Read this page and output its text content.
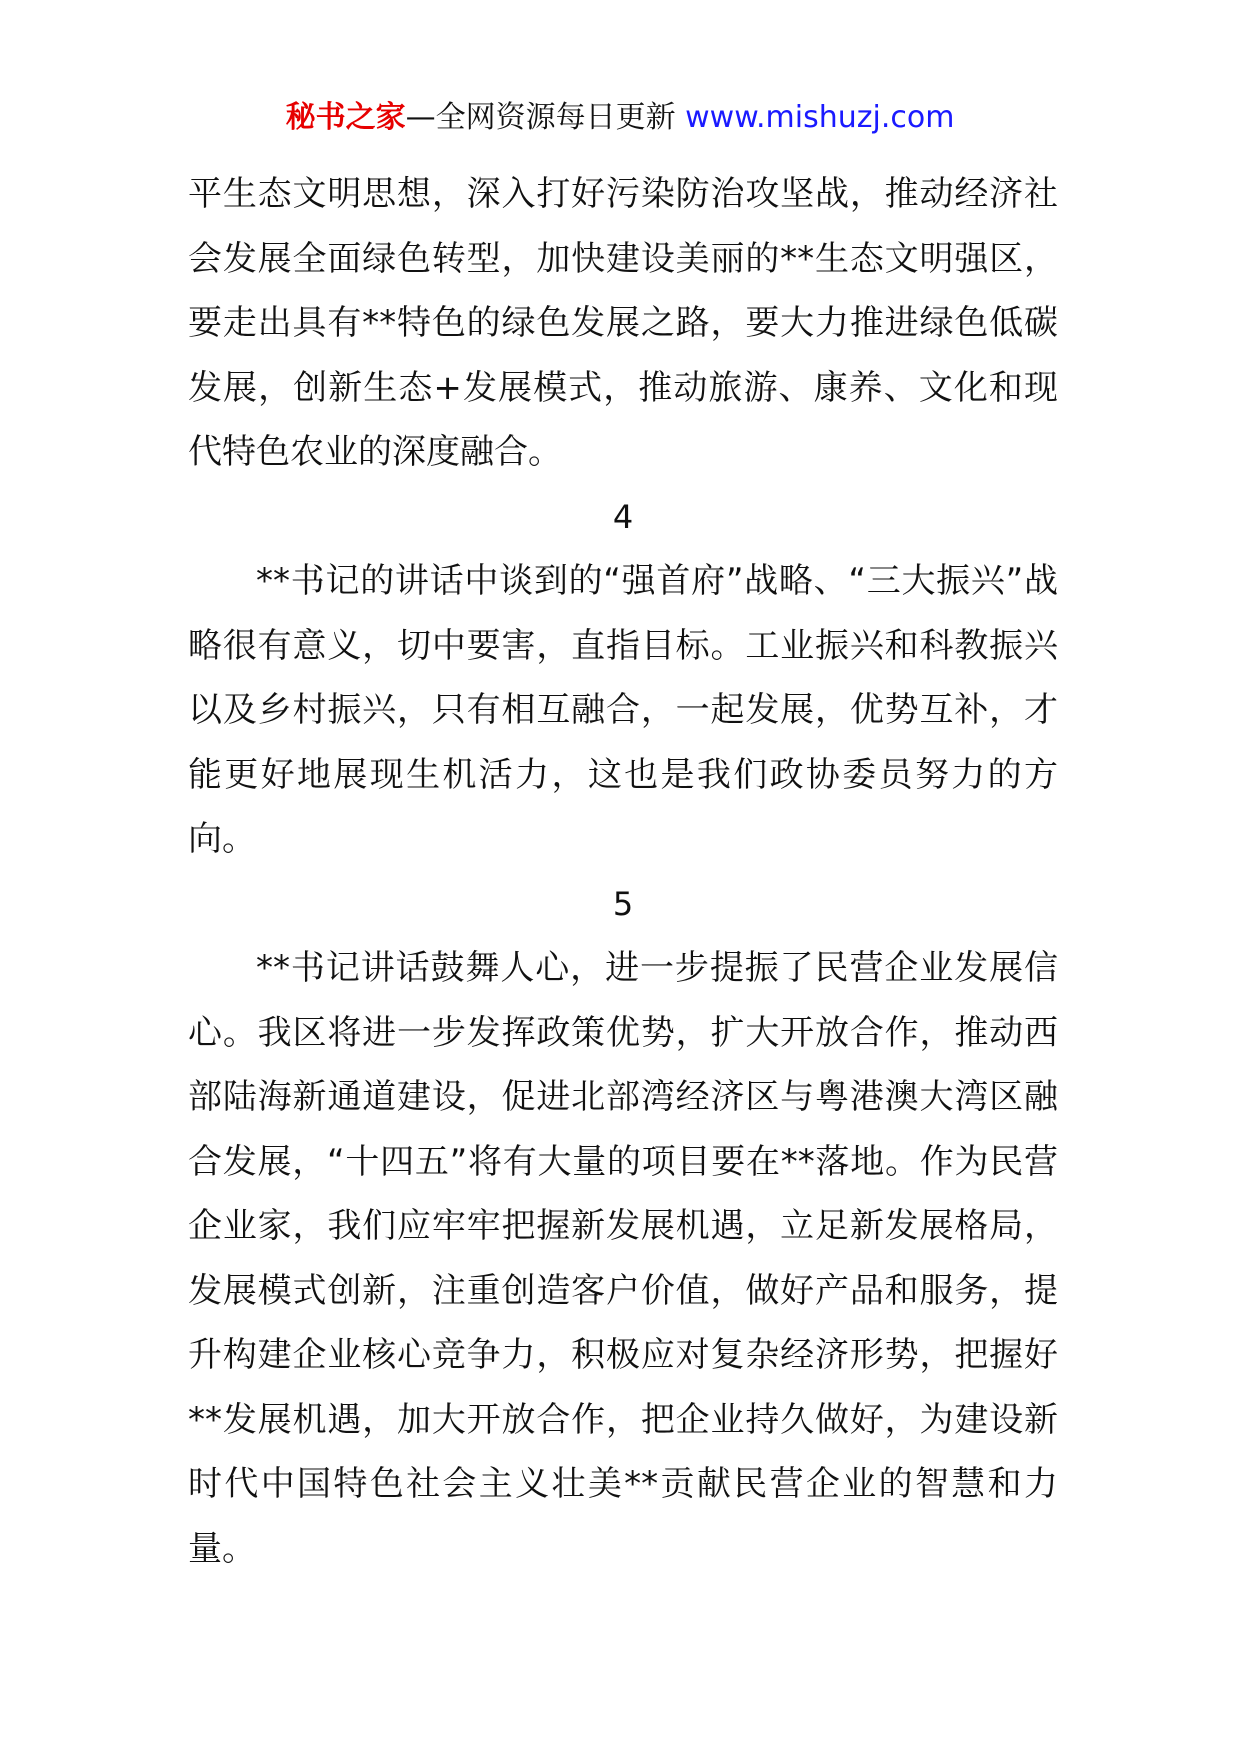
秘书之家—全网资源每日更新 www.mishuzj.com

平生态文明思想，深入打好污染防治攻坚战，推动经济社会发展全面绿色转型，加快建设美丽的**生态文明强区，要走出具有**特色的绿色发展之路，要大力推进绿色低碳发展，创新生态+发展模式，推动旅游、康养、文化和现代特色农业的深度融合。

4

**书记的讲话中谈到的“强首府”战略、“三大振兴”战略很有意义，切中要害，直指目标。工业振兴和科教振兴以及乡村振兴，只有相互融合，一起发展，优势互补，才能更好地展现生机活力，这也是我们政协委员努力的方向。

5

**书记讲话鼓舞人心，进一步提振了民营企业发展信心。我区将进一步发挥政策优势，扩大开放合作，推动西部陆海新通道建设，促进北部湾经济区与粤港澳大湾区融合发展，“十四五”将有大量的项目要在**落地。作为民营企业家，我们应牢牢把握新发展机遇，立足新发展格局，发展模式创新，注重创造客户价值，做好产品和服务，提升构建企业核心竞争力，积极应对复杂经济形势，把握好**发展机遇，加大开放合作，把企业持久做好，为建设新时代中国特色社会主义壮美**贡献民营企业的智慧和力量。
